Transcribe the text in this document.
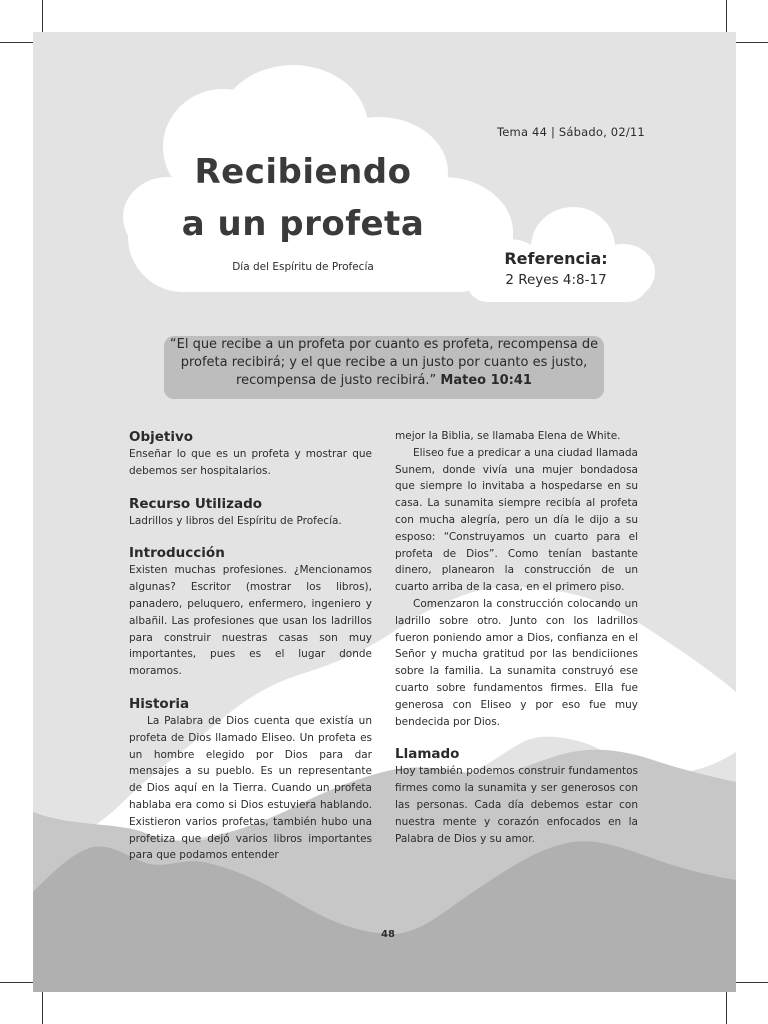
Tema 44 | Sábado, 02/11
Recibiendo
a un profeta
Día del Espíritu de Profecía	Referencia:
2 Reyes 4:8-17
“El que recibe a un profeta por cuanto es profeta, recompensa de profeta recibirá; y el que recibe a un justo por cuanto es justo, recompensa de justo recibirá.” Mateo 10:41
Objetivo

Enseñar lo que es un profeta y mostrar que debemos ser hospitalarios.

Recurso Utilizado

Ladrillos y libros del Espíritu de Profecía.

Introducción

Existen muchas profesiones. ¿Mencionamos algunas? Escritor (mostrar los libros), panadero, peluquero, enfermero, ingeniero y albañil. Las profesiones que usan los ladrillos para construir nuestras casas son muy importantes, pues es el lugar donde moramos.

Historia

La Palabra de Dios cuenta que existía un profeta de Dios llamado Eliseo. Un profeta es un hombre elegido por Dios para dar mensajes a su pueblo. Es un representante de Dios aquí en la Tierra. Cuando un profeta hablaba era como si Dios estuviera hablando. Existieron varios profetas, también hubo una profetiza que dejó varios libros importantes para que podamos entender

mejor la Biblia, se llamaba Elena de White.

Eliseo fue a predicar a una ciudad llamada Sunem, donde vivía una mujer bondadosa que siempre lo invitaba a hospedarse en su casa. La sunamita siempre recibía al profeta con mucha alegría, pero un día le dijo a su esposo: “Construyamos un cuarto para el profeta de Dios”. Como tenían bastante dinero, planearon la construcción de un cuarto arriba de la casa, en el primero piso.

Comenzaron la construcción colocando un ladrillo sobre otro. Junto con los ladrillos fueron poniendo amor a Dios, confianza en el Señor y mucha gratitud por las bendiciiones sobre la familia. La sunamita construyó ese cuarto sobre fundamentos firmes. Ella fue generosa con Eliseo y por eso fue muy bendecida por Dios.

Llamado

Hoy también podemos construir fundamentos firmes como la sunamita y ser generosos con las personas. Cada día debemos estar con nuestra mente y corazón enfocados en la Palabra de Dios y su amor.

48
